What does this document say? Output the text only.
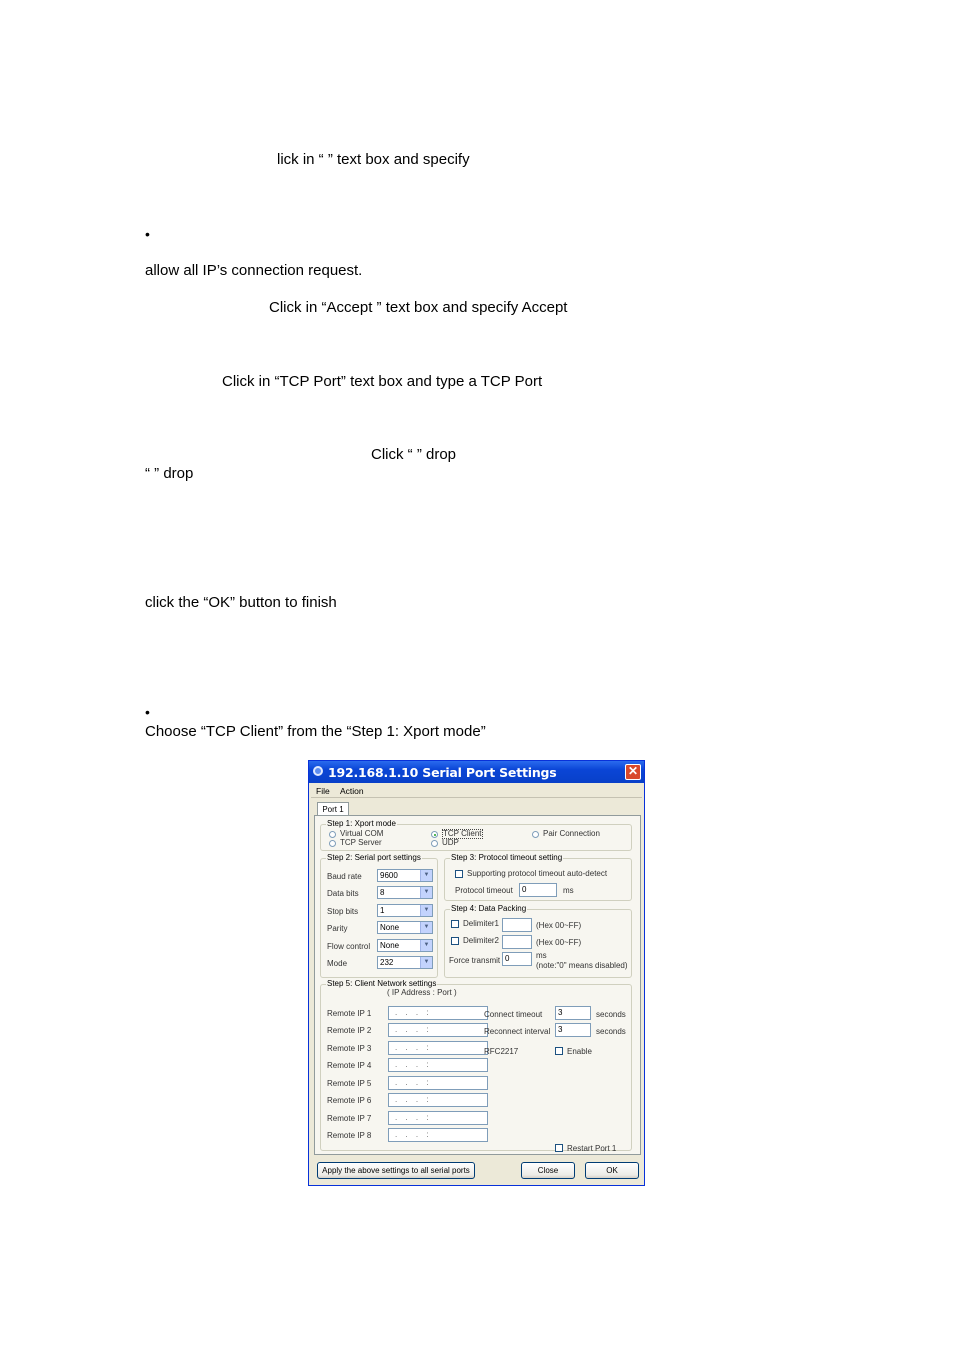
lick in “ ” text box and specify
•
allow all IP’s connection request.
Click in “Accept ” text box and specify Accept
Click in “TCP Port” text box and type a TCP Port
Click “ ” drop
“ ” drop
click the “OK” button to finish
•
Choose “TCP Client” from the “Step 1: Xport mode”
192.168.1.10 Serial Port Settings	✕
File Action
Port 1
Step 1: Xport mode
Virtual COM
TCP Server
TCP Client
UDP
Pair Connection
Step 2: Serial port settings
Baud rate	9600	▼
Data bits	8	▼
Stop bits	1	▼
Parity	None	▼
Flow control	None	▼
Mode	232	▼
Step 3: Protocol timeout setting
Supporting protocol timeout auto-detect
Protocol timeout	0	ms
Step 4: Data Packing
Delimiter1	(Hex 00~FF)
Delimiter2	(Hex 00~FF)
Force transmit 0	ms
(note:"0" means disabled)
Step 5: Client Network settings
( IP Address : Port )
Remote IP 1	. . . :
Remote IP 2	. . . :
Remote IP 3	. . . :
Remote IP 4	. . . :
Remote IP 5	. . . :
Remote IP 6	. . . :
Remote IP 7	. . . :
Remote IP 8	. . . :
Connect timeout	3	seconds
Reconnect interval 3	seconds
RFC2217	Enable
Restart Port 1
Apply the above settings to all serial ports	Close	OK
